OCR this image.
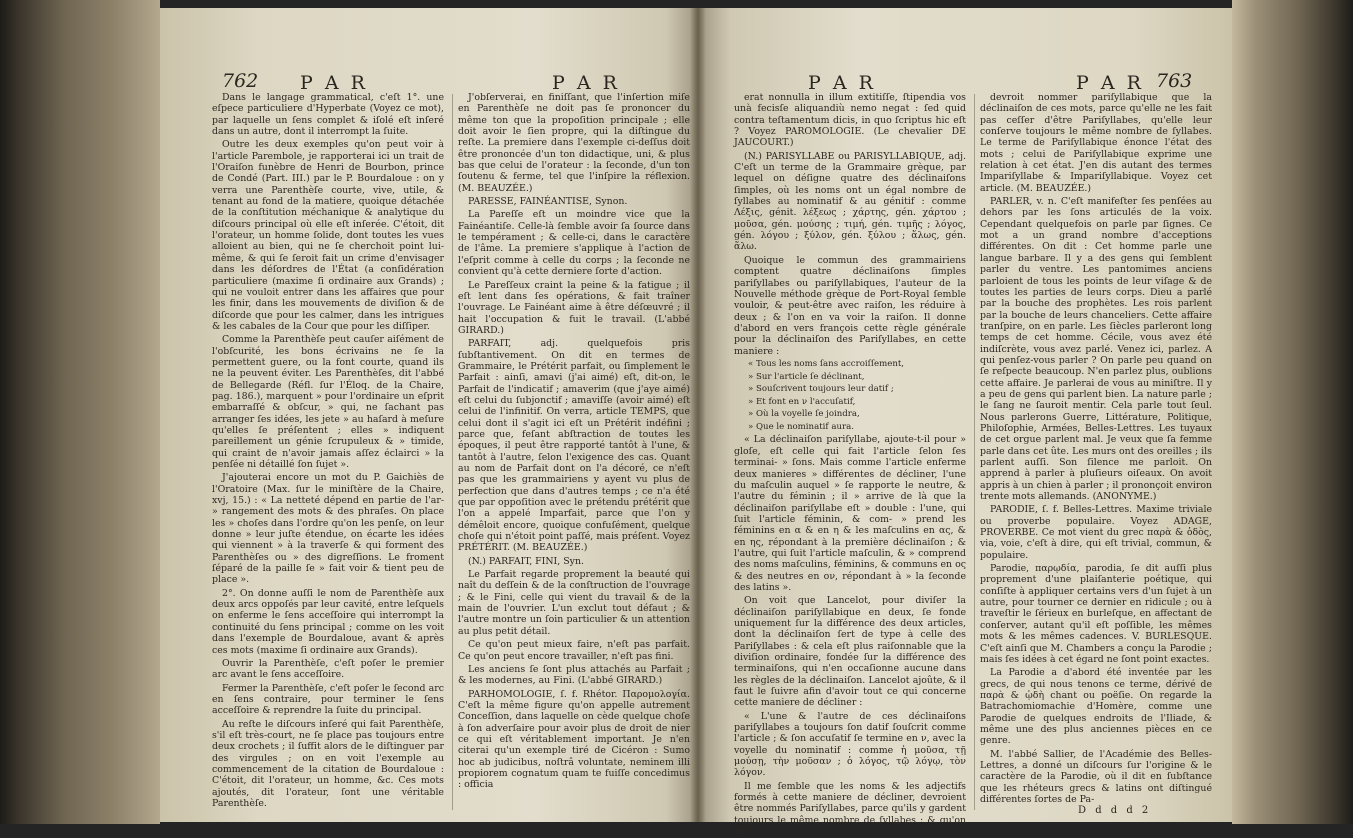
762 P A R	P A R

Dans le langage grammatical, c'eſt 1°. une eſpece particuliere d'Hyperbate (Voyez ce mot), par laquelle un ſens complet & iſolé eſt inſeré dans un autre, dont il interrompt la ſuite.

Outre les deux exemples qu'on peut voir à l'article Parembole, je rapporterai ici un trait de l'Oraiſon funèbre de Henri de Bourbon, prince de Condé (Part. III.) par le P. Bourdaloue : on y verra une Parenthèſe courte, vive, utile, & tenant au fond de la matiere, quoique détachée de la conſtitution méchanique & analytique du diſcours principal où elle eſt inſerée. C'étoit, dit l'orateur, un homme ſolide, dont toutes les vues alloient au bien, qui ne ſe cherchoit point lui-même, & qui ſe ſeroit fait un crime d'envisager dans les déſordres de l'État (a conſidération particuliere (maxime ſi ordinaire aux Grands) ; qui ne vouloit entrer dans les affaires que pour les finir, dans les mouvements de diviſion & de diſcorde que pour les calmer, dans les intrigues & les cabales de la Cour que pour les diſſiper.

Comme la Parenthèſe peut cauſer aiſément de l'obſcurité, les bons écrivains ne ſe la permettent guere, ou la font courte, quand ils ne la peuvent éviter. Les Parenthèſes, dit l'abbé de Bellegarde (Réfl. ſur l'Éloq. de la Chaire, pag. 186.), marquent » pour l'ordinaire un eſprit embarraſſé & obſcur, » qui, ne ſachant pas arranger ſes idées, les jete » au haſard à meſure qu'elles ſe préſentent ; elles » indiquent pareillement un génie ſcrupuleux & » timide, qui craint de n'avoir jamais aſſez éclairci » la penſée ni détaillé ſon ſujet ».

J'ajouterai encore un mot du P. Gaichiès de l'Oratoire (Max. ſur le miniſtère de la Chaire, xvj, 15.) : « La netteté dépend en partie de l'ar- » rangement des mots & des phraſes. On place les » choſes dans l'ordre qu'on les penſe, on leur donne » leur juſte étendue, on écarte les idées qui viennent » à la traverſe & qui forment des Parenthèſes ou » des digreſſions. Le froment ſéparé de la paille ſe » fait voir & tient peu de place ».

2°. On donne auſſi le nom de Parenthèſe aux deux arcs oppoſés par leur cavité, entre leſquels on enferme le ſens acceſſoire qui interrompt la continuité du ſens principal ; comme on les voit dans l'exemple de Bourdaloue, avant & après ces mots (maxime ſi ordinaire aux Grands).

Ouvrir la Parenthèſe, c'eſt poſer le premier arc avant le ſens acceſſoire.

Fermer la Parenthèſe, c'eſt poſer le ſecond arc en ſens contraire, pour terminer le ſens acceſſoire & reprendre la ſuite du principal.

Au reſte le diſcours inſeré qui fait Parenthèſe, s'il eſt très-court, ne ſe place pas toujours entre deux crochets ; il ſuffit alors de le diſtinguer par des virgules ; on en voit l'exemple au commencement de la citation de Bourdaloue : C'étoit, dit l'orateur, un homme, &c. Ces mots ajoutés, dit l'orateur, ſont une véritable Parenthèſe.

J'obſerverai, en finiſſant, que l'inſertion miſe en Parenthèſe ne doit pas ſe prononcer du même ton que la propoſition principale ; elle doit avoir le ſien propre, qui la diſtingue du reſte. La premiere dans l'exemple ci-deſſus doit être prononcée d'un ton didactique, uni, & plus bas que celui de l'orateur : la ſeconde, d'un ton ſoutenu & ferme, tel que l'inſpire la réflexion. (M. BEAUZÉE.)

PARESSE, FAINÉANTISE, Synon.

La Pareſſe eſt un moindre vice que la Fainéantiſe. Celle-là ſemble avoir ſa ſource dans le tempérament ; & celle-ci, dans le caractère de l'âme. La premiere s'applique à l'action de l'eſprit comme à celle du corps ; la ſeconde ne convient qu'à cette derniere ſorte d'action.

Le Pareſſeux craint la peine & la fatigue ; il eſt lent dans ſes opérations, & fait traîner l'ouvrage. Le Fainéant aime à être déſœuvré ; il hait l'occupation & fuit le travail. (L'abbé GIRARD.)

PARFAIT, adj. quelquefois pris ſubſtantivement. On dit en termes de Grammaire, le Prétérit parfait, ou ſimplement le Parfait : ainſi, amavi (j'ai aimé) eſt, dit-on, le Parfait de l'indicatif ; amaverim (que j'aye aimé) eſt celui du ſubjonctif ; amaviſſe (avoir aimé) eſt celui de l'infinitif. On verra, article TEMPS, que celui dont il s'agit ici eſt un Prétérit indéfini ; parce que, feſant abſtraction de toutes les époques, il peut être rapporté tantôt à l'une, & tantôt à l'autre, ſelon l'exigence des cas. Quant au nom de Parfait dont on l'a décoré, ce n'eſt pas que les grammairiens y ayent vu plus de perfection que dans d'autres temps ; ce n'a été que par oppoſition avec le prétendu prétérit que l'on a appelé Imparfait, parce que l'on y démêloit encore, quoique confuſément, quelque choſe qui n'étoit point paſſé, mais préſent. Voyez PRÉTÉRIT. (M. BEAUZÉE.)

(N.) PARFAIT, FINI, Syn.

Le Parfait regarde proprement la beauté qui naît du deſſein & de la conſtruction de l'ouvrage ; & le Fini, celle qui vient du travail & de la main de l'ouvrier. L'un exclut tout défaut ; & l'autre montre un ſoin particulier & un attention au plus petit détail.

Ce qu'on peut mieux faire, n'eſt pas parfait. Ce qu'on peut encore travailler, n'eſt pas fini.

Les anciens ſe ſont plus attachés au Parfait ; & les modernes, au Fini. (L'abbé GIRARD.)

PARHOMOLOGIE, ſ. f. Rhétor. Παρομολογία. C'eſt la même figure qu'on appelle autrement Conceſſion, dans laquelle on cède quelque choſe à ſon adverſaire pour avoir plus de droit de nier ce qui eſt véritablement important. Je n'en citerai qu'un exemple tiré de Cicéron : Sumo hoc ab judicibus, noſtrâ voluntate, neminem illi propiorem cognatum quam te fuiſſe concedimus : officia

P A R	P A R 763

erat nonnulla in illum extitiſſe, ſtipendia vos unà fecisſe aliquandiù nemo negat : ſed quid contra teſtamentum dicis, in quo ſcriptus hic eſt ? Voyez PAROMOLOGIE. (Le chevalier DE JAUCOURT.)

(N.) PARISYLLABE ou PARISYLLABIQUE, adj. C'eſt un terme de la Grammaire grèque, par lequel on déſigne quatre des déclinaiſons ſimples, où les noms ont un égal nombre de ſyllabes au nominatif & au génitif : comme Λέξις, génit. λέξεως ; χάρτης, gén. χάρτου ; μοῦσα, gén. μούσης ; τιμή, gén. τιμῆς ; λόγος, gén. λόγου ; ξύλον, gén. ξύλου ; ἅλως, gén. ἅλω.

Quoique le commun des grammairiens comptent quatre déclinaiſons ſimples pariſyllabes ou pariſyllabiques, l'auteur de la Nouvelle méthode grèque de Port-Royal ſemble vouloir, & peut-être avec raiſon, les réduire à deux ; & l'on en va voir la raiſon. Il donne d'abord en vers françois cette règle générale pour la déclinaiſon des Pariſyllabes, en cette maniere :

« Tous les noms ſans accroiſſement,

» Sur l'article ſe déclinant,

» Souſcrivent toujours leur datif ;

» Et font en ν l'accuſatif,

» Où la voyelle ſe joindra,

» Que le nominatif aura.

« La déclinaiſon pariſyllabe, ajoute-t-il pour » gloſe, eſt celle qui fait l'article ſelon ſes terminai- » ſons. Mais comme l'article enferme deux manieres » différentes de décliner, l'une du maſculin auquel » ſe rapporte le neutre, & l'autre du féminin ; il » arrive de là que la déclinaiſon pariſyllabe eſt » double : l'une, qui ſuit l'article féminin, & com- » prend les féminins en α & en η & les maſculins en ας, & en ης, répondant à la première déclinaiſon ; & l'autre, qui ſuit l'article maſculin, & » comprend des noms maſculins, féminins, & communs en ος & des neutres en ον, répondant à » la ſeconde des latins ».

On voit que Lancelot, pour diviſer la déclinaiſon pariſyllabique en deux, ſe fonde uniquement ſur la différence des deux articles, dont la déclinaiſon ſert de type à celle des Pariſyllabes : & cela eſt plus raiſonnable que la diviſion ordinaire, fondée ſur la différence des terminaiſons, qui n'en occaſionne aucune dans les règles de la déclinaiſon. Lancelot ajoûte, & il faut le ſuivre afin d'avoir tout ce qui concerne cette maniere de décliner :

« L'une & l'autre de ces déclinaiſons pariſyllabes a toujours ſon datif ſouſcrit comme l'article ; & ſon accuſatif ſe termine en ν, avec la voyelle du nominatif : comme ἡ μοῦσα, τῇ μούσῃ, τὴν μοῦσαν ; ὁ λόγος, τῷ λόγῳ, τὸν λόγον.

Il me ſemble que les noms & les adjectifs formés à cette maniere de décliner, devroient être nommés Pariſyllabes, parce qu'ils y gardent toujours le même nombre de ſyllabes ; & qu'on ne

devroit nommer pariſyllabique que la déclinaiſon de ces mots, parce qu'elle ne les fait pas ceſſer d'être Pariſyllabes, qu'elle leur conſerve toujours le même nombre de ſyllabes. Le terme de Pariſyllabique énonce l'état des mots ; celui de Pariſyllabique exprime une relation à cet état. J'en dis autant des termes Impariſyllabe & Impariſyllabique. Voyez cet article. (M. BEAUZÉE.)

PARLER, v. n. C'eſt manifeſter ſes penſées au dehors par les ſons articulés de la voix. Cependant quelquefois on parle par ſignes. Ce mot a un grand nombre d'acceptions différentes. On dit : Cet homme parle une langue barbare. Il y a des gens qui ſemblent parler du ventre. Les pantomimes anciens parloient de tous les points de leur viſage & de toutes les parties de leurs corps. Dieu a parlé par la bouche des prophètes. Les rois parlent par la bouche de leurs chanceliers. Cette affaire tranſpire, on en parle. Les ſiècles parleront long temps de cet homme. Cécile, vous avez été indiſcrète, vous avez parlé. Venez ici, parlez. A qui penſez-vous parler ? On parle peu quand on ſe reſpecte beaucoup. N'en parlez plus, oublions cette affaire. Je parlerai de vous au miniſtre. Il y a peu de gens qui parlent bien. La nature parle ; le ſang ne ſauroit mentir. Cela parle tout ſeul. Nous parlerons Guerre, Littérature, Politique, Philoſophie, Armées, Belles-Lettres. Les tuyaux de cet orgue parlent mal. Je veux que ſa femme parle dans cet ûte. Les murs ont des oreilles ; ils parlent auſſi. Son ſilence me parloit. On apprend à parler à pluſieurs oiſeaux. On avoit appris à un chien à parler ; il prononçoit environ trente mots allemands. (ANONYME.)

PARODIE, ſ. f. Belles-Lettres. Maxime triviale ou proverbe populaire. Voyez ADAGE, PROVERBE. Ce mot vient du grec παρὰ & ὁδὸς, via, voie, c'eſt à dire, qui eſt trivial, commun, & populaire.

Parodie, παρῳδία, parodia, ſe dit auſſi plus proprement d'une plaiſanterie poétique, qui conſiſte à appliquer certains vers d'un ſujet à un autre, pour tourner ce dernier en ridicule ; ou à traveſtir le ſérieux en burleſque, en affectant de conſerver, autant qu'il eſt poſſible, les mêmes mots & les mêmes cadences. V. BURLESQUE. C'eſt ainſi que M. Chambers a conçu la Parodie ; mais ſes idées à cet égard ne ſont point exactes.

La Parodie a d'abord été inventée par les grecs, de qui nous tenons ce terme, dérivé de παρὰ & ᾠδὴ chant ou poëſie. On regarde la Batrachomiomachie d'Homère, comme une Parodie de quelques endroits de l'Iliade, & même une des plus anciennes pièces en ce genre.

M. l'abbé Sallier, de l'Académie des Belles-Lettres, a donné un diſcours ſur l'origine & le caractère de la Parodie, où il dit en ſubſtance que les rhéteurs grecs & latins ont diſtingué différentes ſortes de Pa-

D d d d 2
